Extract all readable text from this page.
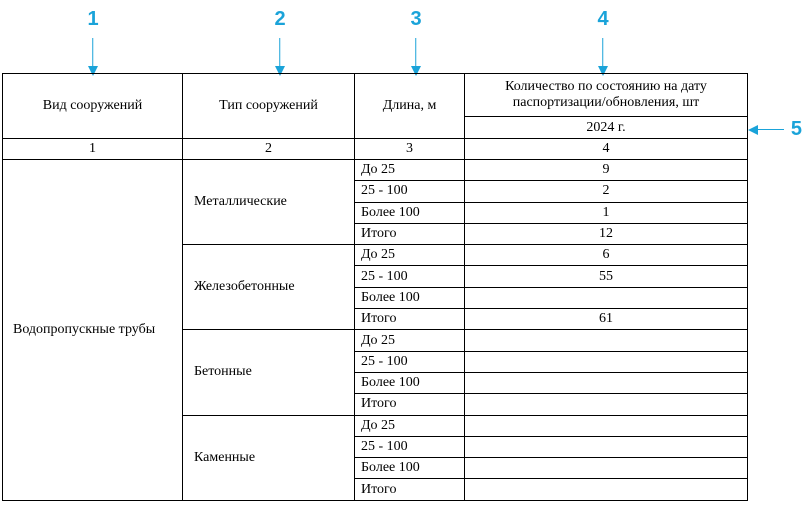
1	2	3	4
5
Вид сооружений	Тип сооружений	Длина, м	Количество по состоянию на дату паспортизации/обновления, шт
			2024 г.
1	2	3	4
Водопропускные трубы	Металлические	До 25	9
		25 - 100	2
		Более 100	1
		Итого	12
	Железобетонные	До 25	6
		25 - 100	55
		Более 100	
		Итого	61
	Бетонные	До 25	
		25 - 100	
		Более 100	
		Итого	
	Каменные	До 25	
		25 - 100	
		Более 100	
		Итого	
